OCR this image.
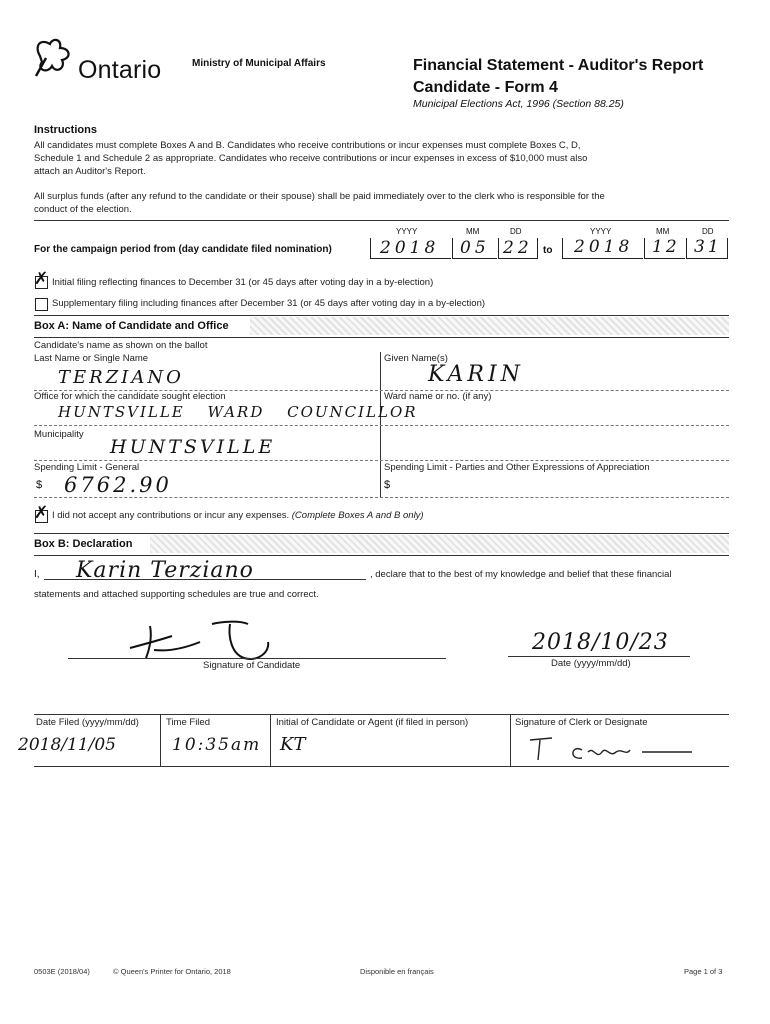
Ontario	Ministry of Municipal Affairs	Financial Statement - Auditor's Report
Candidate - Form 4
Municipal Elections Act, 1996 (Section 88.25)
Instructions
All candidates must complete Boxes A and B. Candidates who receive contributions or incur expenses must complete Boxes C, D,
Schedule 1 and Schedule 2 as appropriate. Candidates who receive contributions or incur expenses in excess of $10,000 must also
attach an Auditor's Report.
All surplus funds (after any refund to the candidate or their spouse) shall be paid immediately over to the clerk who is responsible for the
conduct of the election.
For the campaign period from (day candidate filed nomination)
YYYY	MM	DD	YYYY	MM	DD
2018 05 22 to 2018 12 31
✗ Initial filing reflecting finances to December 31 (or 45 days after voting day in a by-election)
Supplementary filing including finances after December 31 (or 45 days after voting day in a by-election)
Box A: Name of Candidate and Office
Candidate's name as shown on the ballot
Last Name or Single Name
TERZIANO
Given Name(s)
KARIN
Office for which the candidate sought election
HUNTSVILLE WARD COUNCILLOR
Ward name or no. (if any)
Municipality
HUNTSVILLE
Spending Limit - General
$ 6762.90
Spending Limit - Parties and Other Expressions of Appreciation
$
✗ I did not accept any contributions or incur any expenses. (Complete Boxes A and B only)
Box B: Declaration
I, Karin Terziano	, declare that to the best of my knowledge and belief that these financial
statements and attached supporting schedules are true and correct.
Signature of Candidate
2018/10/23
Date (yyyy/mm/dd)
Date Filed (yyyy/mm/dd)
2018/11/05
Time Filed
10:35am
Initial of Candidate or Agent (if filed in person)
KT
Signature of Clerk or Designate
0503E (2018/04)	© Queen's Printer for Ontario, 2018	Disponible en français	Page 1 of 3
